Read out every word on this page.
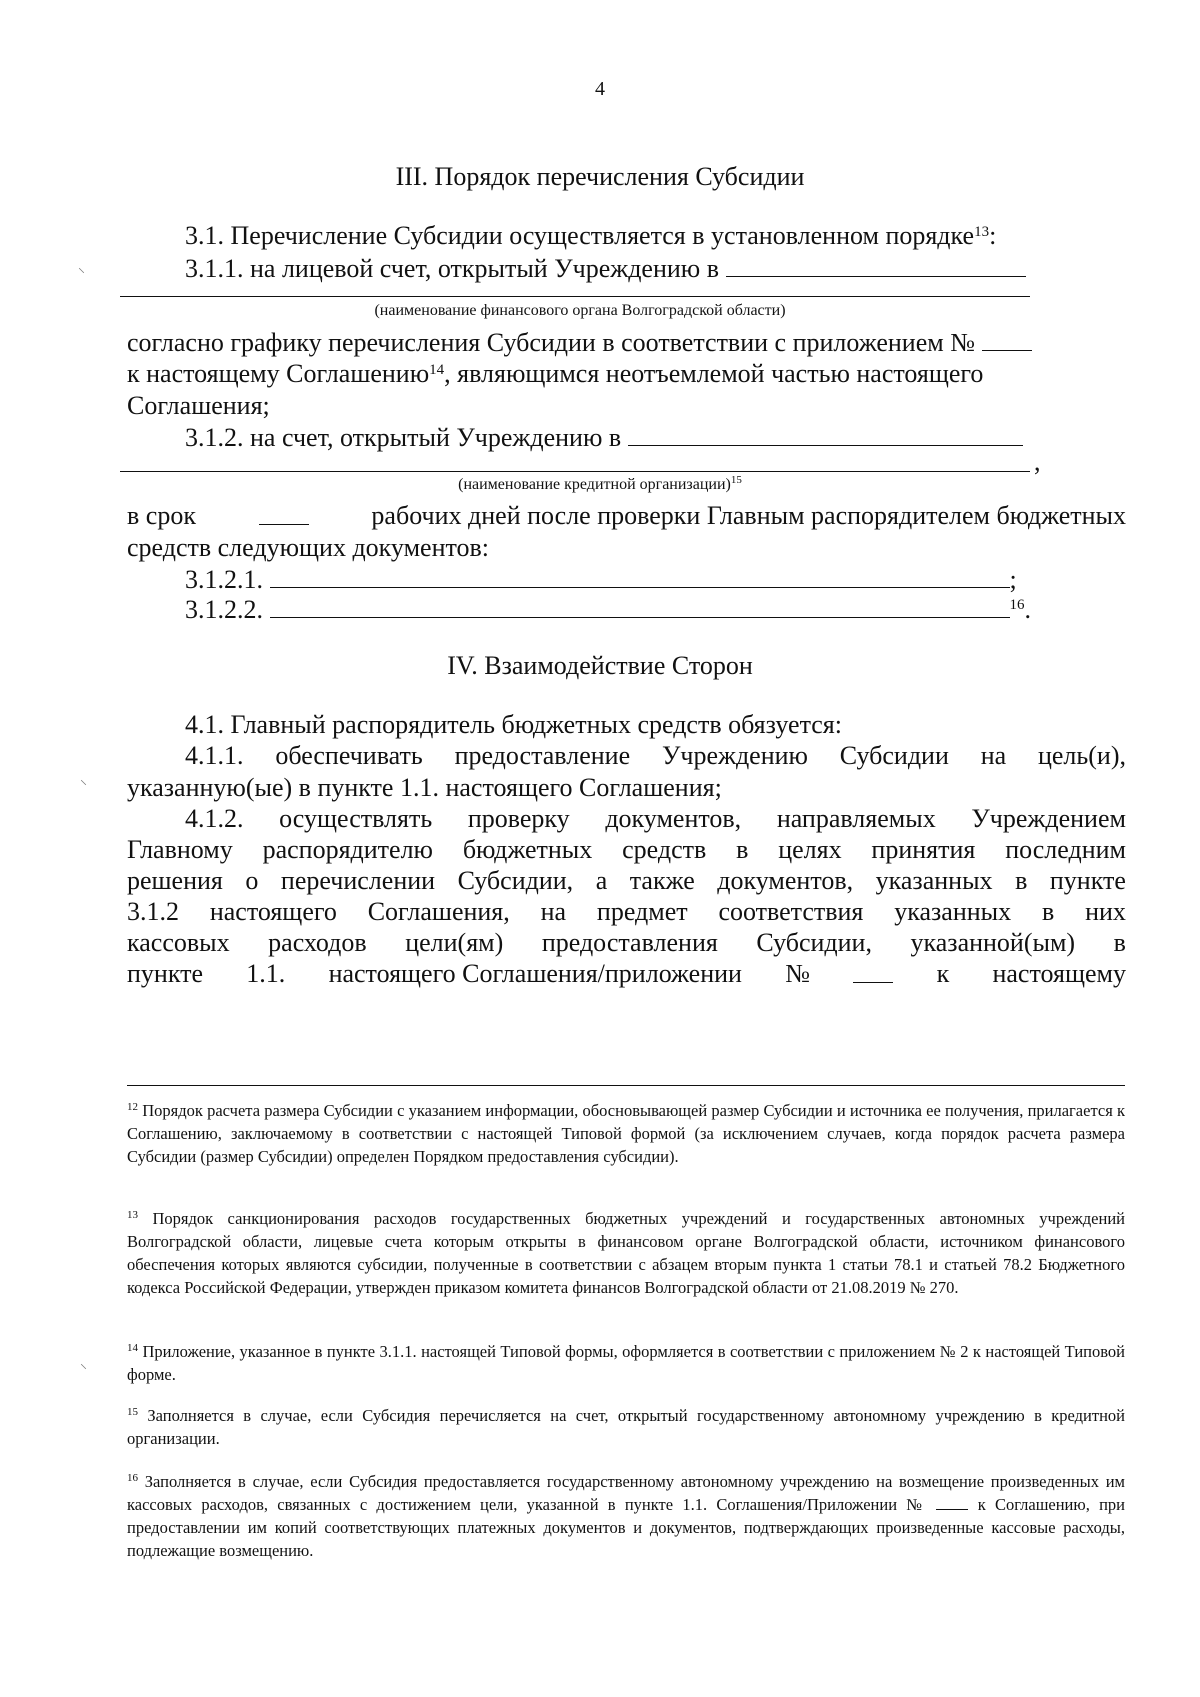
4
III. Порядок перечисления Субсидии
3.1. Перечисление Субсидии осуществляется в установленном порядке$^{13}$:
3.1.1. на лицевой счет, открытый Учреждению в
(наименование финансового органа Волгоградской области)
согласно графику перечисления Субсидии в соответствии с приложением №
к настоящему Соглашению$^{14}$, являющимся неотъемлемой частью настоящего
Соглашения;
3.1.2. на счет, открытый Учреждению в
,
(наименование кредитной организации)$^{15}$
в срок	рабочих дней после проверки Главным распорядителем бюджетных
средств следующих документов:
3.1.2.1.	;
3.1.2.2.	$^{16}$.
IV. Взаимодействие Сторон
4.1. Главный распорядитель бюджетных средств обязуется:
4.1.1. обеспечивать предоставление Учреждению Субсидии на цель(и),
указанную(ые) в пункте 1.1. настоящего Соглашения;
4.1.2. осуществлять проверку документов, направляемых Учреждением
Главному распорядителю бюджетных средств в целях принятия последним
решения о перечислении Субсидии, а также документов, указанных в пункте
3.1.2 настоящего Соглашения, на предмет соответствия указанных в них
кассовых расходов цели(ям) предоставления Субсидии, указанной(ым) в
пункте 1.1. настоящего Соглашения/приложении №	к настоящему
$^{12}$ Порядок расчета размера Субсидии с указанием информации, обосновывающей размер Субсидии и источника ее получения, прилагается к Соглашению, заключаемому в соответствии с настоящей Типовой формой (за исключением случаев, когда порядок расчета размера Субсидии (размер Субсидии) определен Порядком предоставления субсидии).
$^{13}$ Порядок санкционирования расходов государственных бюджетных учреждений и государственных автономных учреждений Волгоградской области, лицевые счета которым открыты в финансовом органе Волгоградской области, источником финансового обеспечения которых являются субсидии, полученные в соответствии с абзацем вторым пункта 1 статьи 78.1 и статьей 78.2 Бюджетного кодекса Российской Федерации, утвержден приказом комитета финансов Волгоградской области от 21.08.2019 № 270.
$^{14}$ Приложение, указанное в пункте 3.1.1. настоящей Типовой формы, оформляется в соответствии с приложением № 2 к настоящей Типовой форме.
$^{15}$ Заполняется в случае, если Субсидия перечисляется на счет, открытый государственному автономному учреждению в кредитной организации.
$^{16}$ Заполняется в случае, если Субсидия предоставляется государственному автономному учреждению на возмещение произведенных им кассовых расходов, связанных с достижением цели, указанной в пункте 1.1. Соглашения/Приложении №	к Соглашению, при предоставлении им копий соответствующих платежных документов и документов, подтверждающих произведенные кассовые расходы, подлежащие возмещению.
⸜
⸜
⸜
